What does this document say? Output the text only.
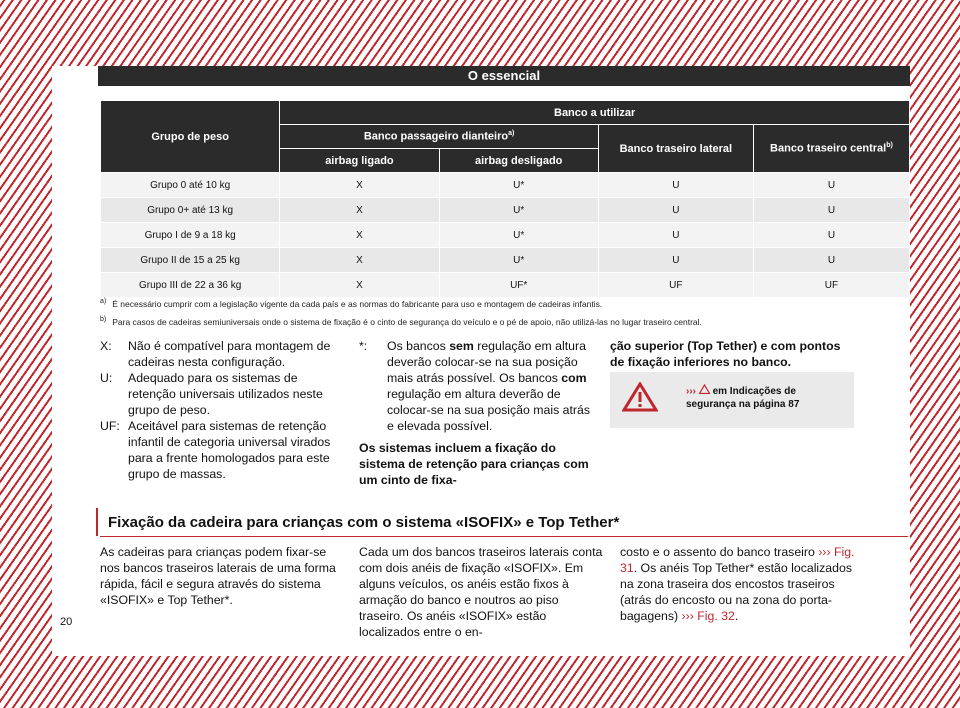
O essencial
Grupo de peso	Banco a utilizar			
	Banco passageiro dianteiro$^{a)}$		Banco traseiro lateral	Banco traseiro central$^{b)}$
	airbag ligado	airbag desligado		
Grupo 0 até 10 kg	X	U*	U	U
Grupo 0+ até 13 kg	X	U*	U	U
Grupo I de 9 a 18 kg	X	U*	U	U
Grupo II de 15 a 25 kg	X	U*	U	U
Grupo III de 22 a 36 kg	X	UF*	UF	UF
$^{a)}$ É necessário cumprir com a legislação vigente da cada país e as normas do fabricante para uso e montagem de cadeiras infantis.
$^{b)}$ Para casos de cadeiras semiuniversais onde o sistema de fixação é o cinto de segurança do veículo e o pé de apoio, não utilizá-las no lugar traseiro central.
X:	Não é compatível para montagem de cadeiras nesta configuração.
U:	Adequado para os sistemas de retenção universais utilizados neste grupo de peso.
UF: Aceitável para sistemas de retenção infantil de categoria universal virados para a frente homologados para este grupo de massas.
*:	Os bancos sem regulação em altura deverão colocar-se na sua posição mais atrás possível. Os bancos com regulação em altura deverão de colocar-se na sua posição mais atrás e elevada possível.
Os sistemas incluem a fixação do sistema de retenção para crianças com um cinto de fixa-
ção superior (Top Tether) e com pontos de fixação inferiores no banco.
››› em Indicações de segurança na página 87
Fixação da cadeira para crianças com o sistema «ISOFIX» e Top Tether*
As cadeiras para crianças podem fixar-se nos bancos traseiros laterais de uma forma rápida, fácil e segura através do sistema «ISOFIX» e Top Tether*.
Cada um dos bancos traseiros laterais conta com dois anéis de fixação «ISOFIX». Em alguns veículos, os anéis estão fixos à armação do banco e noutros ao piso traseiro. Os anéis «ISOFIX» estão localizados entre o en-
costo e o assento do banco traseiro ››› Fig. 31. Os anéis Top Tether* estão localizados na zona traseira dos encostos traseiros (atrás do encosto ou na zona do porta-bagagens) ››› Fig. 32.
20
